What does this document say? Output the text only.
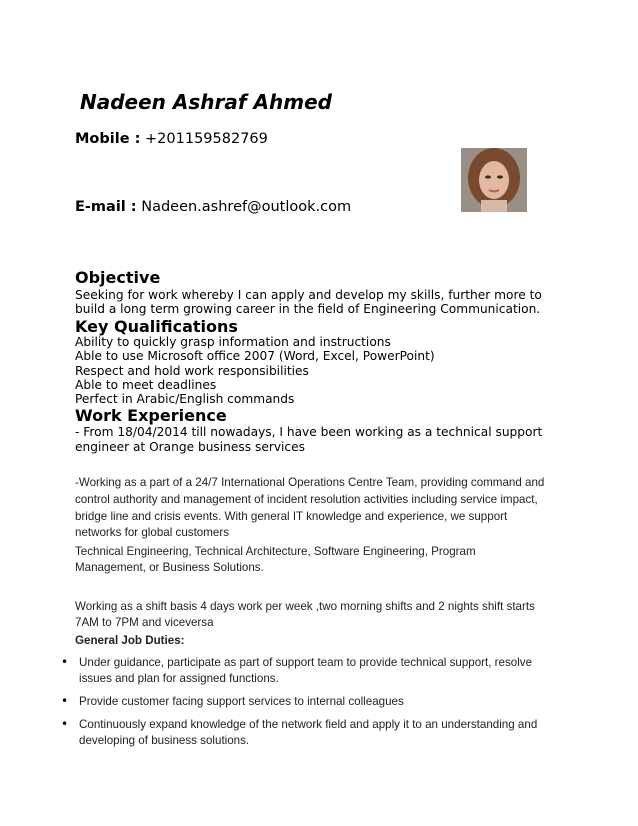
Nadeen Ashraf Ahmed
Mobile : +201159582769
E-mail : Nadeen.ashref@outlook.com
Objective
Seeking for work whereby I can apply and develop my skills, further more to
build a long term growing career in the field of Engineering Communication.
Key Qualifications
Ability to quickly grasp information and instructions
Able to use Microsoft office 2007 (Word, Excel, PowerPoint)
Respect and hold work responsibilities
Able to meet deadlines
Perfect in Arabic/English commands
Work Experience
- From 18/04/2014 till nowadays, I have been working as a technical support
engineer at Orange business services
-Working as a part of a 24/7 International Operations Centre Team, providing command and
control authority and management of incident resolution activities including service impact,
bridge line and crisis events. With general IT knowledge and experience, we support
networks for global customers
Technical Engineering, Technical Architecture, Software Engineering, Program
Management, or Business Solutions.
Working as a shift basis 4 days work per week ,two morning shifts and 2 nights shift starts
7AM to 7PM and viceversa
General Job Duties:
• Under guidance, participate as part of support team to provide technical support, resolve
issues and plan for assigned functions.
• Provide customer facing support services to internal colleagues
• Continuously expand knowledge of the network field and apply it to an understanding and
developing of business solutions.
